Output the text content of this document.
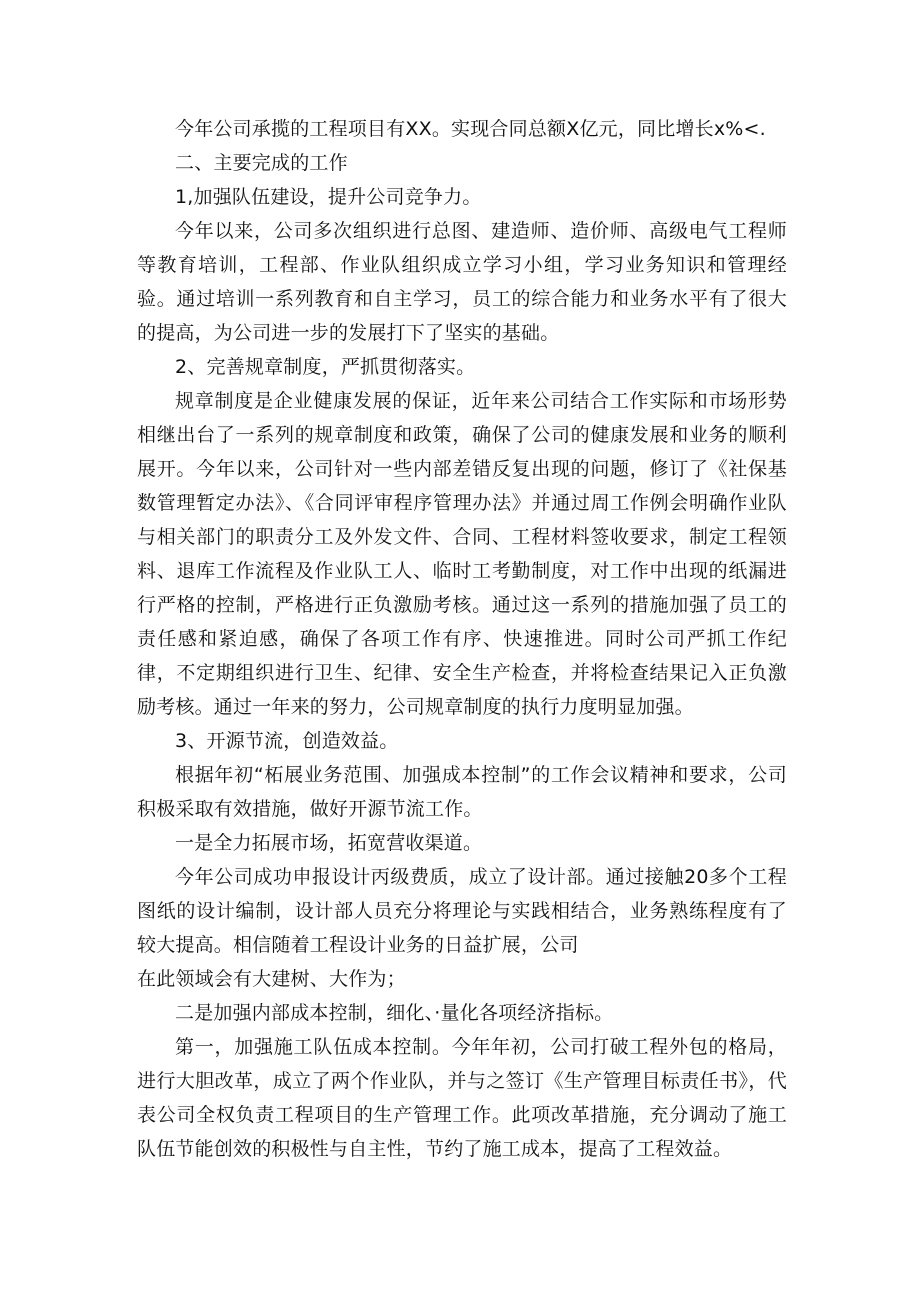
今年公司承揽的工程项目有XX。实现合同总额X亿元，同比增长x%<.

二、主要完成的工作

1,加强队伍建设，提升公司竞争力。

今年以来，公司多次组织进行总图、建造师、造价师、高级电气工程师等教育培训，工程部、作业队组织成立学习小组，学习业务知识和管理经验。通过培训一系列教育和自主学习，员工的综合能力和业务水平有了很大的提高，为公司进一步的发展打下了坚实的基础。

2、完善规章制度，严抓贯彻落实。

规章制度是企业健康发展的保证，近年来公司结合工作实际和市场形势相继出台了一系列的规章制度和政策，确保了公司的健康发展和业务的顺利展开。今年以来，公司针对一些内部差错反复出现的问题，修订了《社保基数管理暂定办法》、《合同评审程序管理办法》并通过周工作例会明确作业队与相关部门的职责分工及外发文件、合同、工程材料签收要求，制定工程领料、退库工作流程及作业队工人、临时工考勤制度，对工作中出现的纸漏进行严格的控制，严格进行正负激励考核。通过这一系列的措施加强了员工的责任感和紧迫感，确保了各项工作有序、快速推进。同时公司严抓工作纪律，不定期组织进行卫生、纪律、安全生产检查，并将检查结果记入正负激励考核。通过一年来的努力，公司规章制度的执行力度明显加强。

3、开源节流，创造效益。

根据年初“柘展业务范围、加强成本控制”的工作会议精神和要求，公司积极采取有效措施，做好开源节流工作。

一是全力拓展市场，拓宽营收渠道。

今年公司成功申报设计丙级费质，成立了设计部。通过接触20多个工程图纸的设计编制，设计部人员充分将理论与实践相结合，业务熟练程度有了较大提高。相信随着工程设计业务的日益扩展，公司

在此领域会有大建树、大作为；

二是加强内部成本控制，细化、·量化各项经济指标。

第一，加强施工队伍成本控制。今年年初，公司打破工程外包的格局，进行大胆改革，成立了两个作业队，并与之签订《生产管理目标责任书》，代表公司全权负责工程项目的生产管理工作。此项改革措施，充分调动了施工队伍节能创效的积极性与自主性，节约了施工成本，提高了工程效益。
